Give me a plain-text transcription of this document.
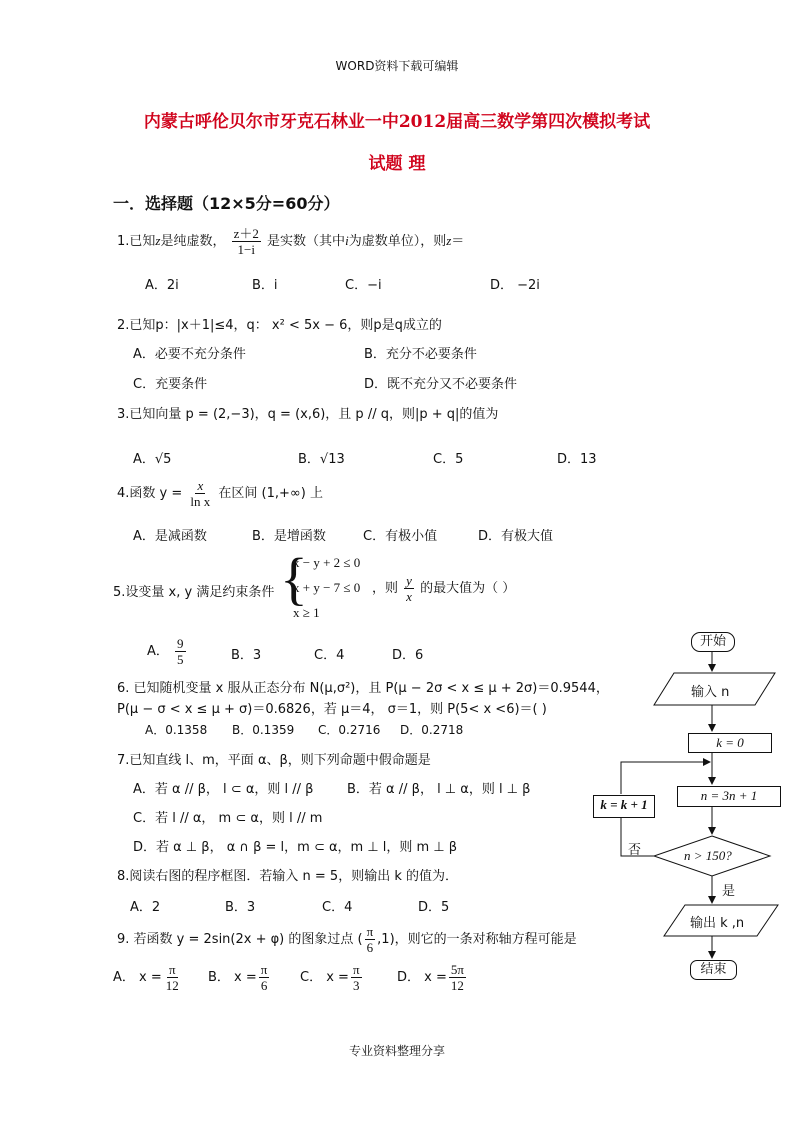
WORD资料下载可编辑
内蒙古呼伦贝尔市牙克石林业一中2012届高三数学第四次模拟考试
试题 理
一．选择题（12×5分=60分）
1.已知z是纯虚数， $\frac{z+2}{1-i}$ 是实数（其中i为虚数单位），则z＝
A．2i	B．i	C．−i	D． −2i
2.已知p：|x＋1|≤4，q： x² < 5x − 6，则p是q成立的
A．必要不充分条件	B．充分不必要条件
C．充要条件	D．既不充分又不必要条件
3.已知向量 p = (2,−3)，q = (x,6)，且 p // q，则|p + q|的值为
A．√5	B．√13	C．5	D．13
4.函数 $y = \frac{x}{\text{ln x}}$ 在区间 (1,+∞) 上
A．是减函数	B．是增函数	C．有极小值	D．有极大值
5.设变量 x, y 满足约束条件 {
x − y + 2 ≤ 0
x + y − 7 ≤ 0
x ≥ 1
，则 $\frac{y}{x}$ 的最大值为（ ）
A． $\frac{9}{5}$	B．3	C．4	D．6
6. 已知随机变量 x 服从正态分布 N(μ,σ²)，且 P(μ − 2σ < x ≤ μ + 2σ)＝0.9544，
P(μ − σ < x ≤ μ + σ)＝0.6826，若 μ＝4， σ＝1，则 P(5< x <6)＝( )
A．0.1358 B．0.1359 C．0.2716 D．0.2718
7.已知直线 l、m，平面 α、β，则下列命题中假命题是
A．若 α // β， l ⊂ α，则 l // β	B．若 α // β， l ⊥ α，则 l ⊥ β
C．若 l // α， m ⊂ α，则 l // m
D．若 α ⊥ β， α ∩ β = l，m ⊂ α，m ⊥ l，则 m ⊥ β
8.阅读右图的程序框图．若输入 n = 5，则输出 k 的值为．
A．2	B．3	C．4	D．5
9. 若函数 y = 2sin(2x + φ) 的图象过点 ( $\frac{\pi}{6} ,1$)，则它的一条对称轴方程可能是
A． $x = \frac{\pi}{12}$ B． $x = \frac{\pi}{6}$ C． $x = \frac{\pi}{3}$	D． $x = \frac{5\pi}{12}$
开始
输入 n
k = 0
n = 3n + 1
n > 150?
是
否
k = k + 1
输出 k ,n
结束
专业资料整理分享
